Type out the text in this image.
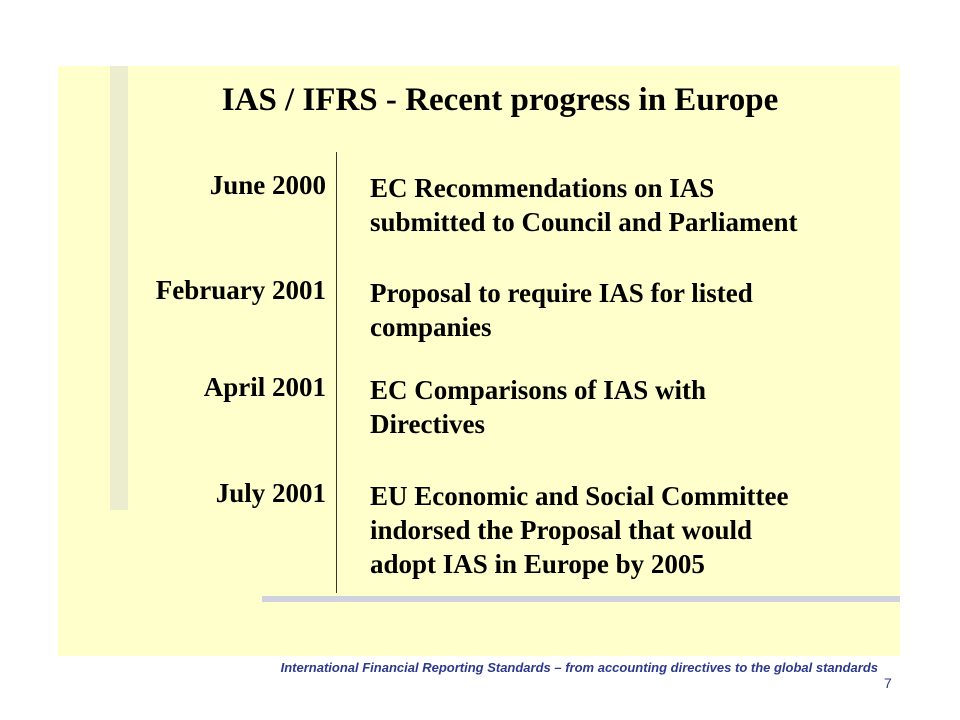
IAS / IFRS - Recent progress in Europe
June 2000 EC Recommendations on IAS
submitted to Council and Parliament
February 2001 Proposal to require IAS for listed
companies
April 2001 EC Comparisons of IAS with
Directives
July 2001 EU Economic and Social Committee
indorsed the Proposal that would
adopt IAS in Europe by 2005
International Financial Reporting Standards – from accounting directives to the global standards
7
